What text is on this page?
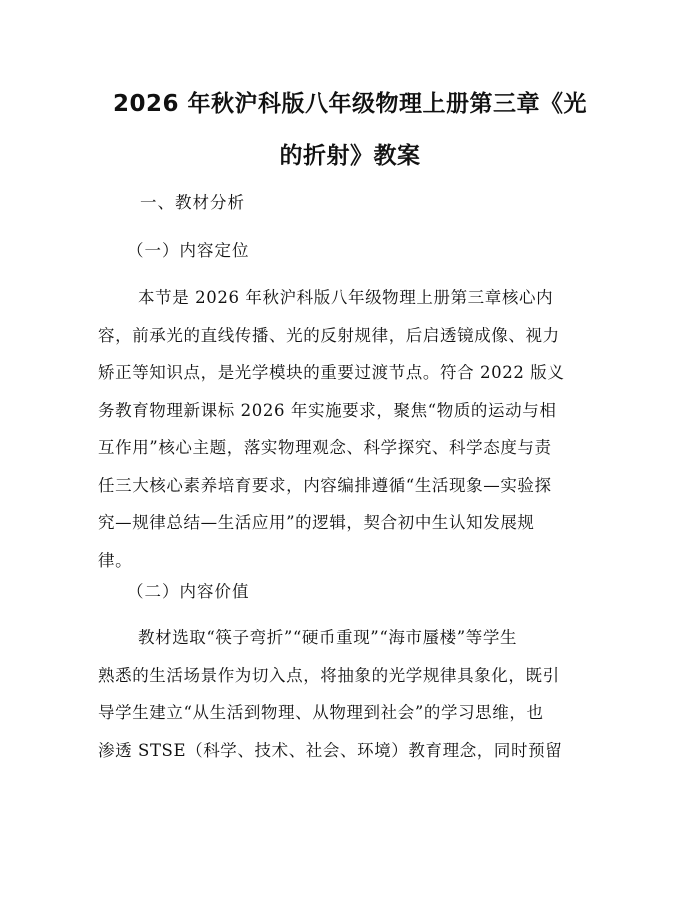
2026 年秋沪科版八年级物理上册第三章《光
的折射》教案

一、教材分析

（一）内容定位

本节是 2026 年秋沪科版八年级物理上册第三章核心内
容，前承光的直线传播、光的反射规律，后启透镜成像、视力
矫正等知识点，是光学模块的重要过渡节点。符合 2022 版义
务教育物理新课标 2026 年实施要求，聚焦“物质的运动与相
互作用”核心主题，落实物理观念、科学探究、科学态度与责
任三大核心素养培育要求，内容编排遵循“生活现象—实验探
究—规律总结—生活应用”的逻辑，契合初中生认知发展规
律。

（二）内容价值

教材选取“筷子弯折”“硬币重现”“海市蜃楼”等学生
熟悉的生活场景作为切入点，将抽象的光学规律具象化，既引
导学生建立“从生活到物理、从物理到社会”的学习思维，也
渗透 STSE（科学、技术、社会、环境）教育理念，同时预留
